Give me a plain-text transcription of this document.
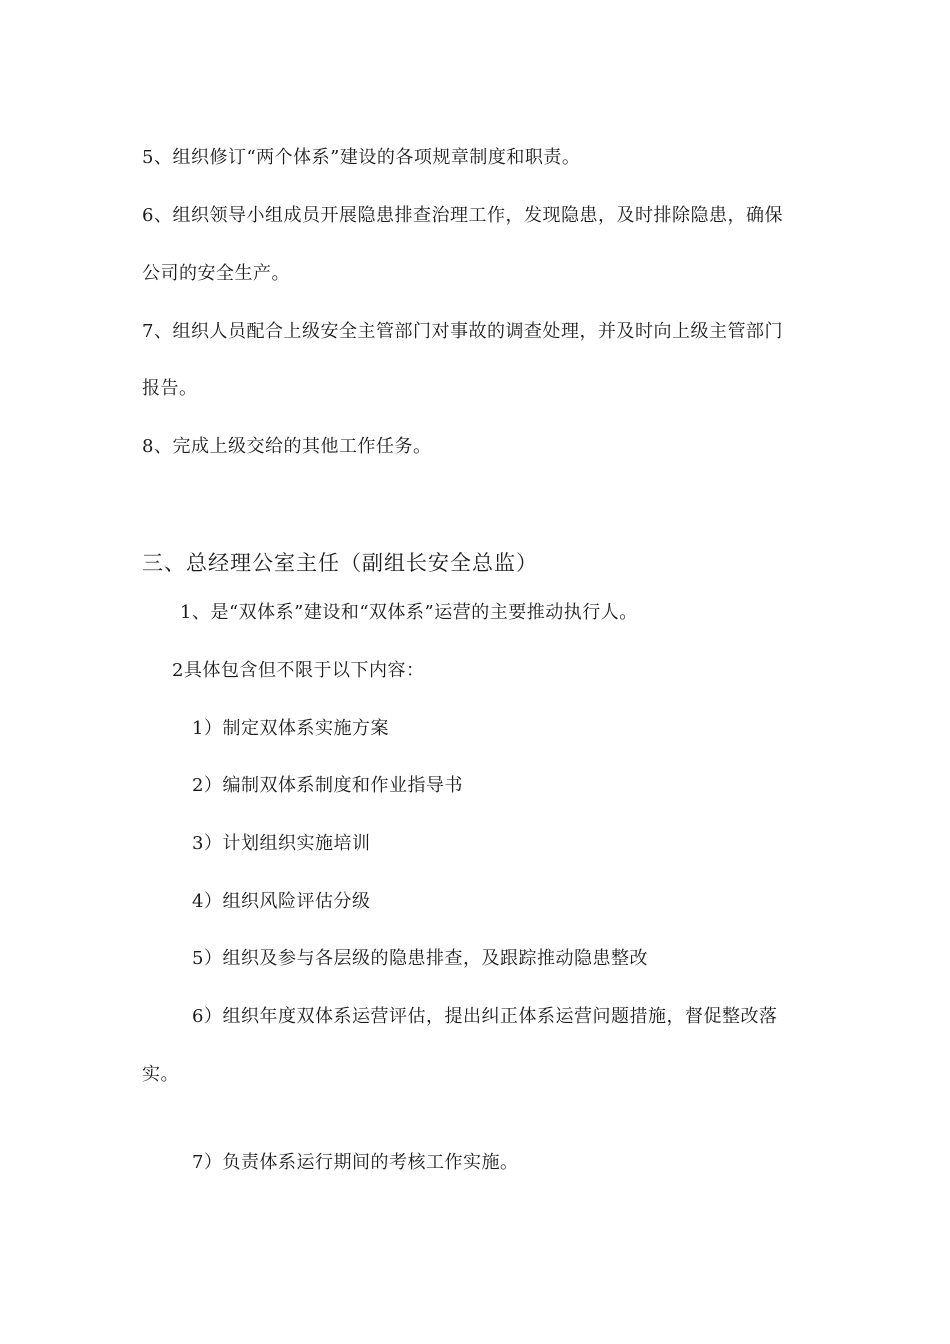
5、组织修订“两个体系”建设的各项规章制度和职责。
6、组织领导小组成员开展隐患排查治理工作，发现隐患，及时排除隐患，确保
公司的安全生产。
7、组织人员配合上级安全主管部门对事故的调查处理，并及时向上级主管部门
报告。
8、完成上级交给的其他工作任务。
三、总经理公室主任（副组长安全总监）
1、是“双体系”建设和“双体系”运营的主要推动执行人。
2具体包含但不限于以下内容：
1）制定双体系实施方案
2）编制双体系制度和作业指导书
3）计划组织实施培训
4）组织风险评估分级
5）组织及参与各层级的隐患排查，及跟踪推动隐患整改
6）组织年度双体系运营评估，提出纠正体系运营问题措施，督促整改落
实。
7）负责体系运行期间的考核工作实施。
